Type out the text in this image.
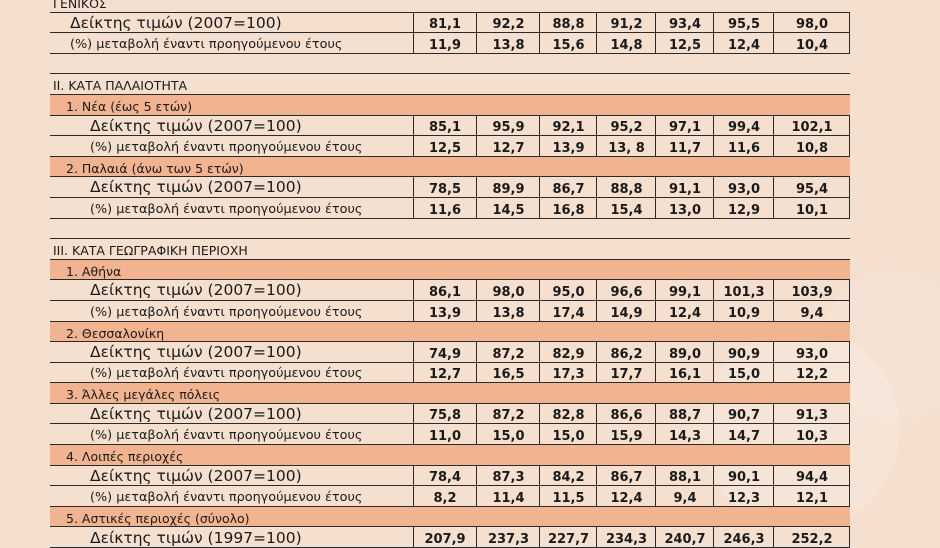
ΓΕΝΙΚΟΣ
Δείκτης τιμών (2007=100)	81,1	92,2	88,8	91,2	93,4	95,5	98,0
(%) μεταβολή έναντι προηγούμενου έτους	11,9	13,8	15,6	14,8	12,5	12,4	10,4
II. ΚΑΤΑ ΠΑΛΑΙΟΤΗΤΑ
1. Νέα (έως 5 ετών)
Δείκτης τιμών (2007=100)	85,1	95,9	92,1	95,2	97,1	99,4	102,1
(%) μεταβολή έναντι προηγούμενου έτους	12,5	12,7	13,9	13, 8	11,7	11,6	10,8
2. Παλαιά (άνω των 5 ετών)
Δείκτης τιμών (2007=100)	78,5	89,9	86,7	88,8	91,1	93,0	95,4
(%) μεταβολή έναντι προηγούμενου έτους	11,6	14,5	16,8	15,4	13,0	12,9	10,1
III. ΚΑΤΑ ΓΕΩΓΡΑΦΙΚΗ ΠΕΡΙΟΧΗ
1. Αθήνα
Δείκτης τιμών (2007=100)	86,1	98,0	95,0	96,6	99,1	101,3	103,9
(%) μεταβολή έναντι προηγούμενου έτους	13,9	13,8	17,4	14,9	12,4	10,9	9,4
2. Θεσσαλονίκη
Δείκτης τιμών (2007=100)	74,9	87,2	82,9	86,2	89,0	90,9	93,0
(%) μεταβολή έναντι προηγούμενου έτους	12,7	16,5	17,3	17,7	16,1	15,0	12,2
3. Άλλες μεγάλες πόλεις
Δείκτης τιμών (2007=100)	75,8	87,2	82,8	86,6	88,7	90,7	91,3
(%) μεταβολή έναντι προηγούμενου έτους	11,0	15,0	15,0	15,9	14,3	14,7	10,3
4. Λοιπές περιοχές
Δείκτης τιμών (2007=100)	78,4	87,3	84,2	86,7	88,1	90,1	94,4
(%) μεταβολή έναντι προηγούμενου έτους	8,2	11,4	11,5	12,4	9,4	12,3	12,1
5. Αστικές περιοχές (σύνολο)
Δείκτης τιμών (1997=100)	207,9	237,3	227,7	234,3	240,7	246,3	252,2
